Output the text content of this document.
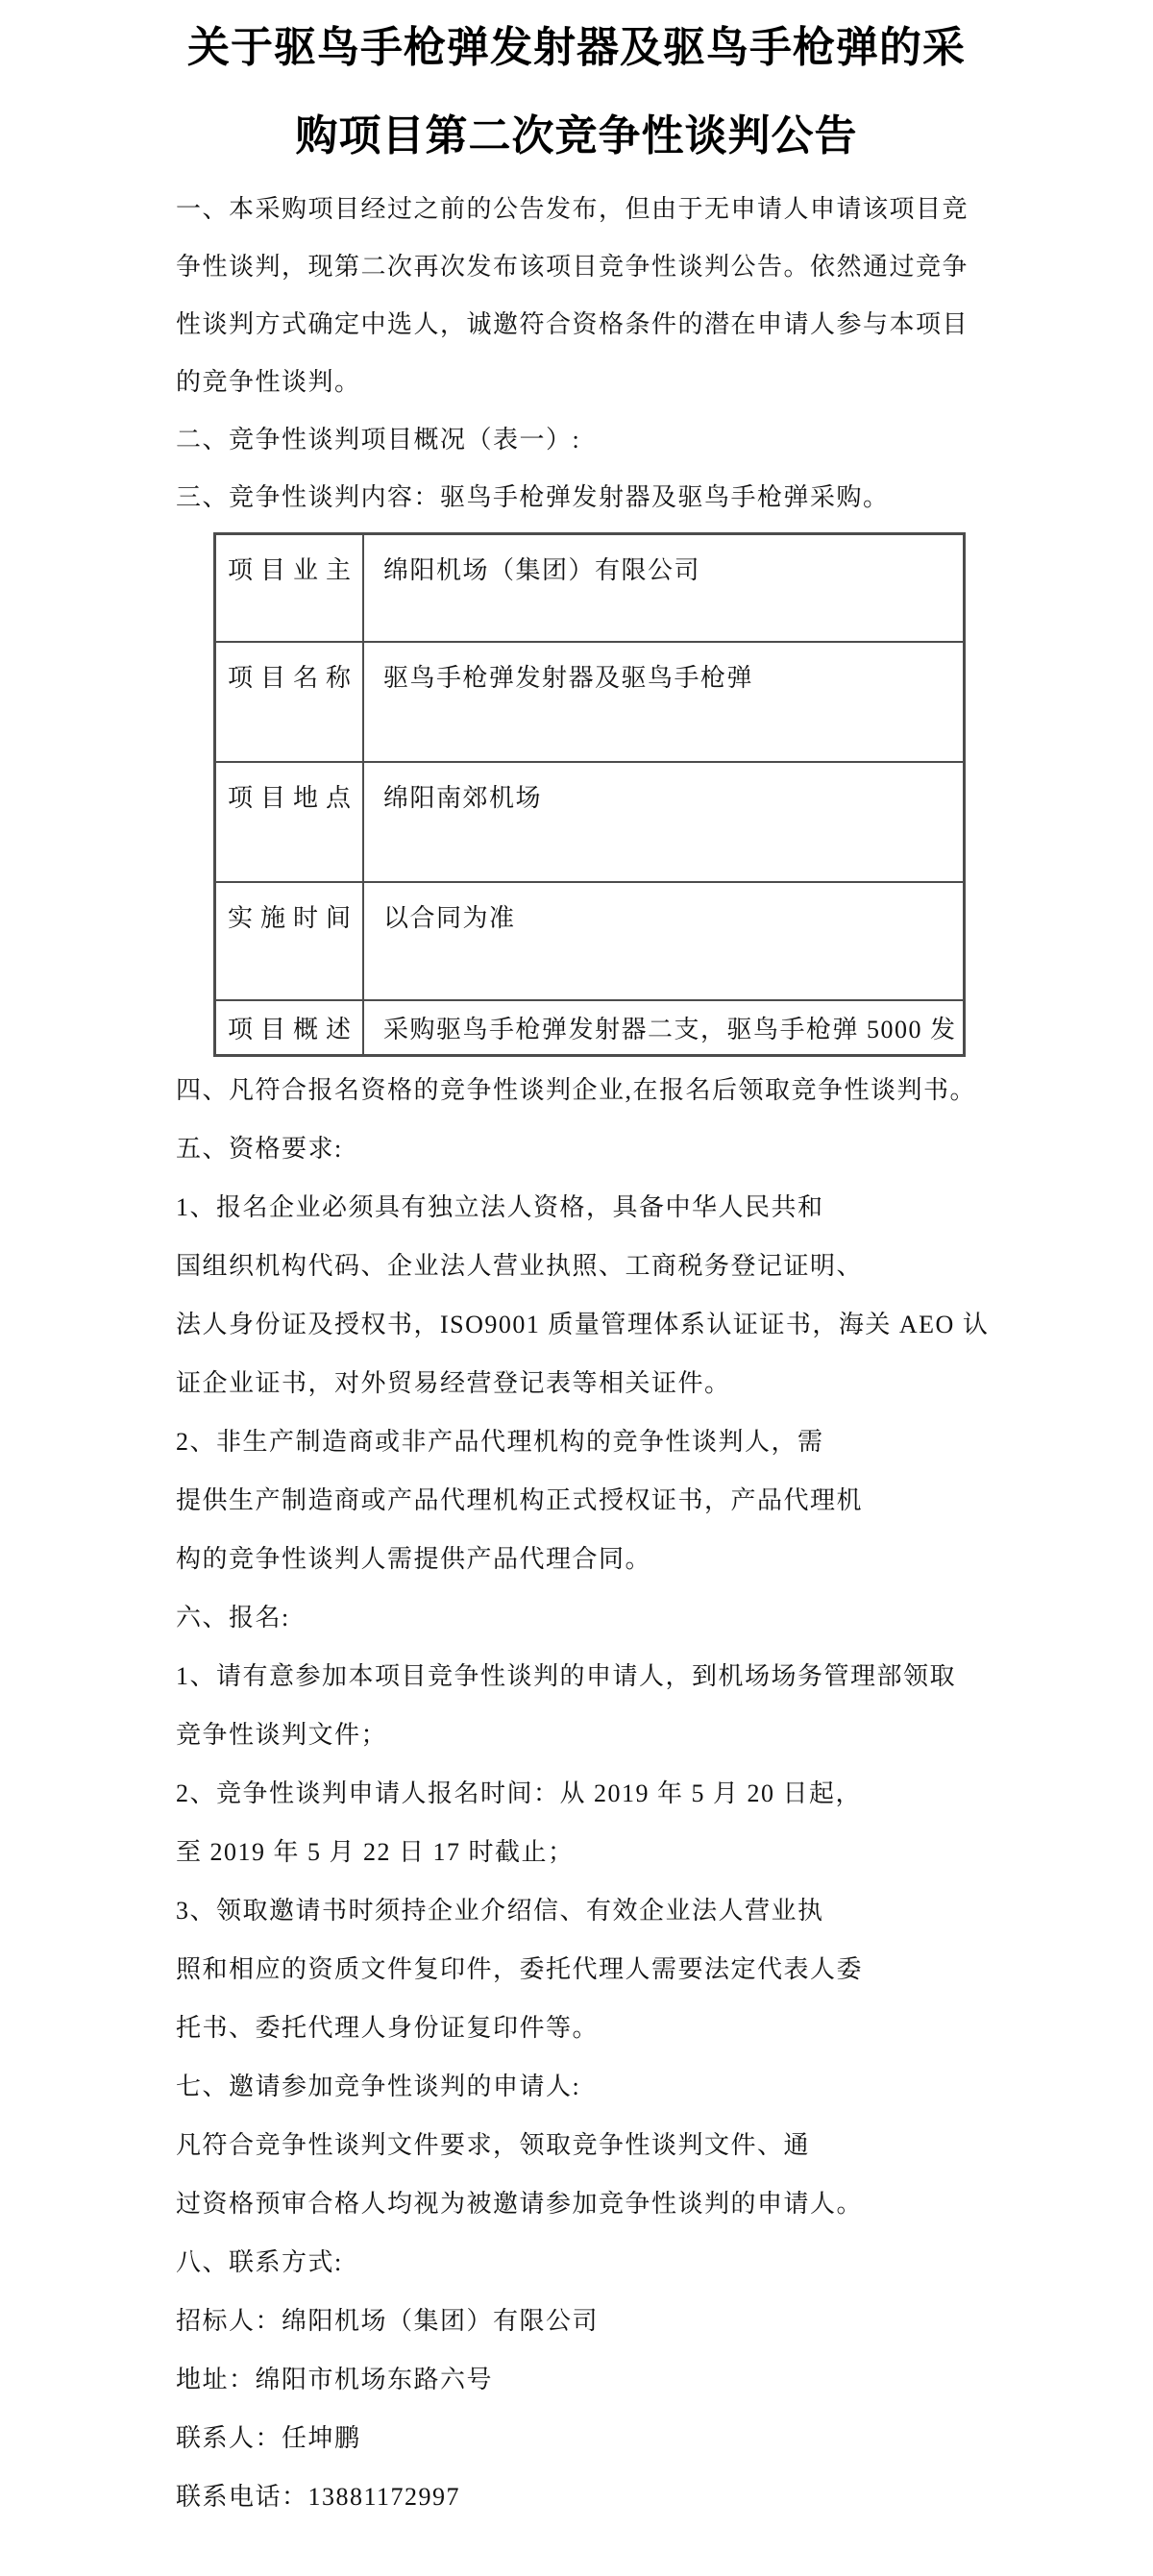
关于驱鸟手枪弹发射器及驱鸟手枪弹的采
购项目第二次竞争性谈判公告
一、本采购项目经过之前的公告发布，但由于无申请人申请该项目竞
争性谈判，现第二次再次发布该项目竞争性谈判公告。依然通过竞争
性谈判方式确定中选人，诚邀符合资格条件的潜在申请人参与本项目
的竞争性谈判。
二、竞争性谈判项目概况（表一）:
三、竞争性谈判内容：驱鸟手枪弹发射器及驱鸟手枪弹采购。
项目业主	绵阳机场（集团）有限公司
项目名称	驱鸟手枪弹发射器及驱鸟手枪弹
项目地点	绵阳南郊机场
实施时间	以合同为准
项目概述	采购驱鸟手枪弹发射器二支，驱鸟手枪弹 5000 发
四、凡符合报名资格的竞争性谈判企业,在报名后领取竞争性谈判书。
五、资格要求:
1、报名企业必须具有独立法人资格，具备中华人民共和
国组织机构代码、企业法人营业执照、工商税务登记证明、
法人身份证及授权书，ISO9001 质量管理体系认证证书，海关 AEO 认
证企业证书，对外贸易经营登记表等相关证件。
2、非生产制造商或非产品代理机构的竞争性谈判人，需
提供生产制造商或产品代理机构正式授权证书，产品代理机
构的竞争性谈判人需提供产品代理合同。
六、报名:
1、请有意参加本项目竞争性谈判的申请人，到机场场务管理部领取
竞争性谈判文件；
2、竞争性谈判申请人报名时间：从 2019 年 5 月 20 日起，
至 2019 年 5 月 22 日 17 时截止；
3、领取邀请书时须持企业介绍信、有效企业法人营业执
照和相应的资质文件复印件，委托代理人需要法定代表人委
托书、委托代理人身份证复印件等。
七、邀请参加竞争性谈判的申请人:
凡符合竞争性谈判文件要求，领取竞争性谈判文件、通
过资格预审合格人均视为被邀请参加竞争性谈判的申请人。
八、联系方式:
招标人：绵阳机场（集团）有限公司
地址：绵阳市机场东路六号
联系人：任坤鹏
联系电话：13881172997
